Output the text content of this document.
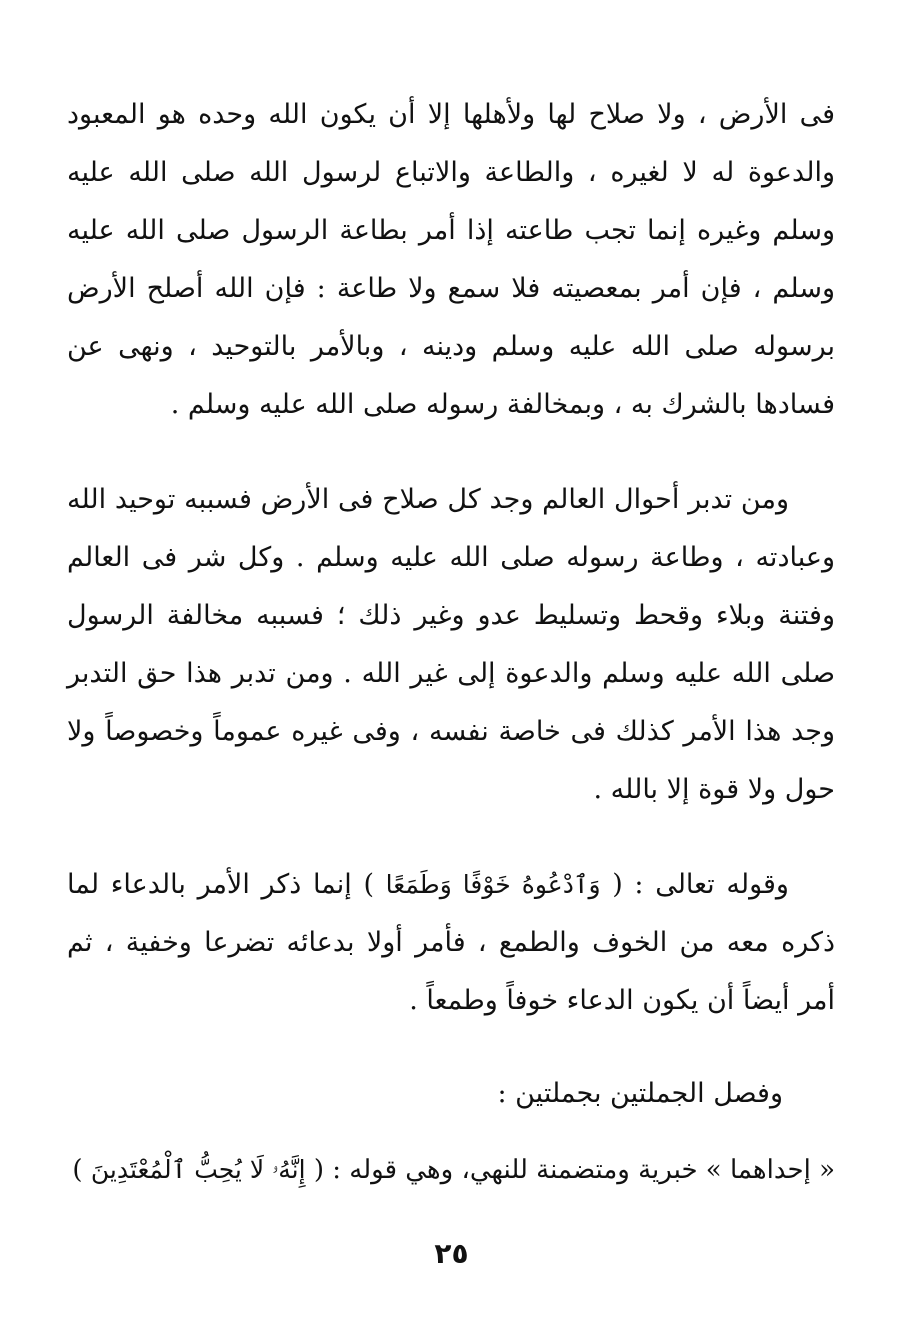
فى الأرض ، ولا صلاح لها ولأهلها إلا أن يكون الله وحده هو المعبود والدعوة له لا لغيره ، والطاعة والاتباع لرسول الله صلى الله عليه وسلم وغيره إنما تجب طاعته إذا أمر بطاعة الرسول صلى الله عليه وسلم ، فإن أمر بمعصيته فلا سمع ولا طاعة : فإن الله أصلح الأرض برسوله صلى الله عليه وسلم ودينه ، وبالأمر بالتوحيد ، ونهى عن فسادها بالشرك به ، وبمخالفة رسوله صلى الله عليه وسلم .

ومن تدبر أحوال العالم وجد كل صلاح فى الأرض فسببه توحيد الله وعبادته ، وطاعة رسوله صلى الله عليه وسلم . وكل شر فى العالم وفتنة وبلاء وقحط وتسليط عدو وغير ذلك ؛ فسببه مخالفة الرسول صلى الله عليه وسلم والدعوة إلى غير الله . ومن تدبر هذا حق التدبر وجد هذا الأمر كذلك فى خاصة نفسه ، وفى غيره عموماً وخصوصاً ولا حول ولا قوة إلا بالله .

وقوله تعالى : ( وَٱدْعُوهُ خَوْفًا وَطَمَعًا ) إنما ذكر الأمر بالدعاء لما ذكره معه من الخوف والطمع ، فأمر أولا بدعائه تضرعا وخفية ، ثم أمر أيضاً أن يكون الدعاء خوفاً وطمعاً .

وفصل الجملتين بجملتين :

« إحداهما » خبرية ومتضمنة للنهي، وهي قوله : ( إِنَّهُۥ لَا يُحِبُّ ٱلْمُعْتَدِينَ )

٢٥
